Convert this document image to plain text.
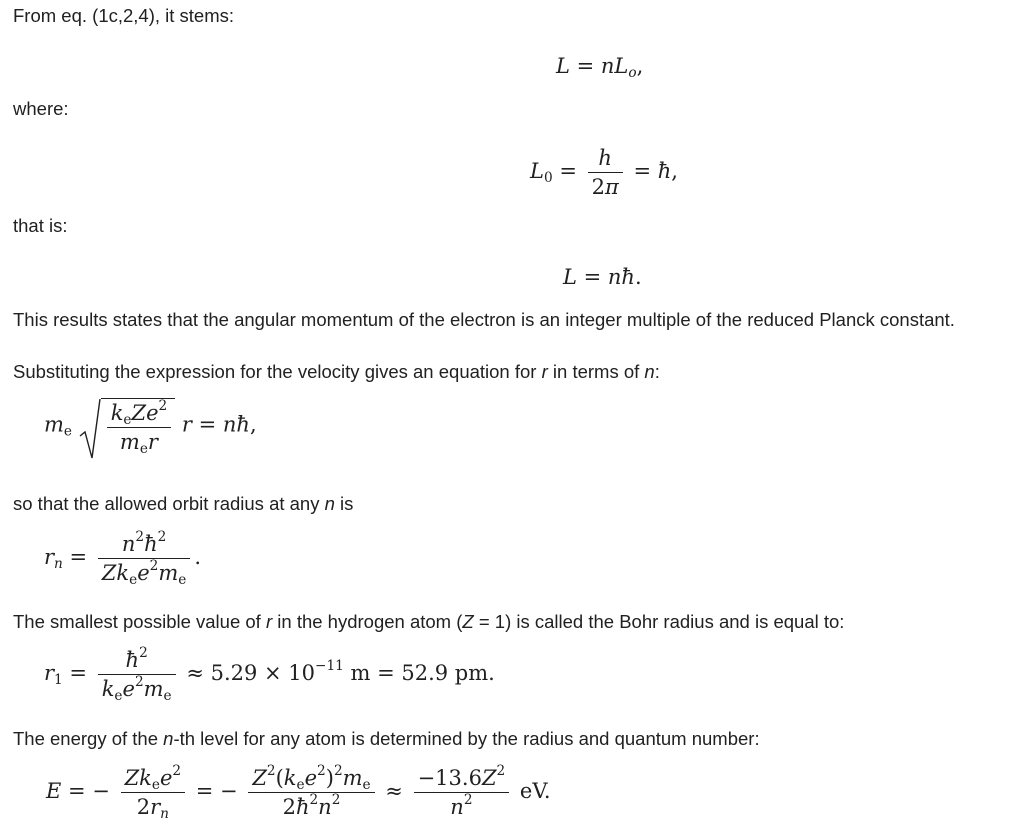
From eq. (1c,2,4), it stems:
$L = nL_o$,
where:
$L_0 = \frac{h}{2\pi}$ = ħ,
that is:
L = nħ.
This results states that the angular momentum of the electron is an integer multiple of the reduced Planck constant.
Substituting the expression for the velocity gives an equation for r in terms of n:
$m_e \frac{k_eZe^2}{m_er}$ r = nħ,
so that the allowed orbit radius at any n is
$r_n = \frac{n^2ħ^2}{Zk_ee^2m_e}$ .
The smallest possible value of r in the hydrogen atom (Z = 1) is called the Bohr radius and is equal to:
$r_1 = \frac{ħ^2}{k_ee^2m_e} \approx 5.29 \times 10^{-11}$ m = 52.9 pm.
The energy of the n-th level for any atom is determined by the radius and quantum number:
E = − $\frac{Zk_ee^2}{2r_n}$ = − $\frac{Z^2(k_ee^2)^2m_e}{2ħ^2n^2} \approx \frac{-13.6Z^2}{n^2}$ eV.
